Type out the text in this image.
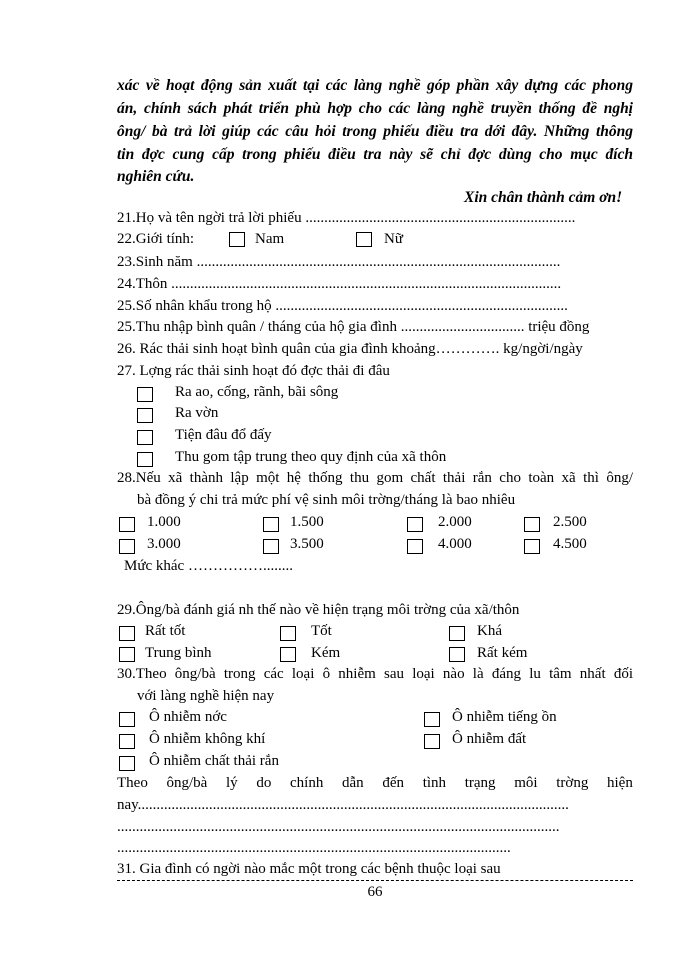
xác về hoạt động sản xuất tại các làng nghề góp phần xây dựng các phong
án, chính sách phát triển phù hợp cho các làng nghề truyền thống đề nghị
ông/ bà trả lời giúp các câu hỏi trong phiếu điều tra dới đây. Những thông
tin đợc cung cấp trong phiếu điều tra này sẽ chỉ đợc dùng cho mục đích
nghiên cứu.
Xin chân thành cảm ơn!
21.Họ và tên ngời trả lời phiếu ........................................................................
22.Giới tính:	Nam	Nữ
23.Sinh năm .................................................................................................
24.Thôn ........................................................................................................
25.Số nhân khẩu trong hộ ..............................................................................
25.Thu nhập bình quân / tháng của hộ gia đình ................................. triệu đồng
26. Rác thải sinh hoạt bình quân của gia đình khoảng…………. kg/ngời/ngày
27. Lợng rác thải sinh hoạt đó đợc thải đi đâu
Ra ao, cống, rãnh, bãi sông
Ra vờn
Tiện đâu đổ đấy
Thu gom tập trung theo quy định của xã thôn
28.Nếu xã thành lập một hệ thống thu gom chất thải rắn cho toàn xã thì ông/
bà đồng ý chi trả mức phí vệ sinh môi trờng/tháng là bao nhiêu
1.000	1.500	2.000	2.500
3.000	3.500	4.000	4.500
Mức khác ……………........
29.Ông/bà đánh giá nh thế nào về hiện trạng môi trờng của xã/thôn
Rất tốt	Tốt	Khá
Trung bình	Kém	Rất kém
30.Theo ông/bà trong các loại ô nhiễm sau loại nào là đáng lu tâm nhất đối
với làng nghề hiện nay
Ô nhiễm nớc	Ô nhiễm tiếng ồn
Ô nhiễm không khí	Ô nhiễm đất
Ô nhiễm chất thải rắn
Theo ông/bà lý do chính dẫn đến tình trạng môi trờng hiện
nay...................................................................................................................
......................................................................................................................
.........................................................................................................
31. Gia đình có ngời nào mắc một trong các bệnh thuộc loại sau
66
